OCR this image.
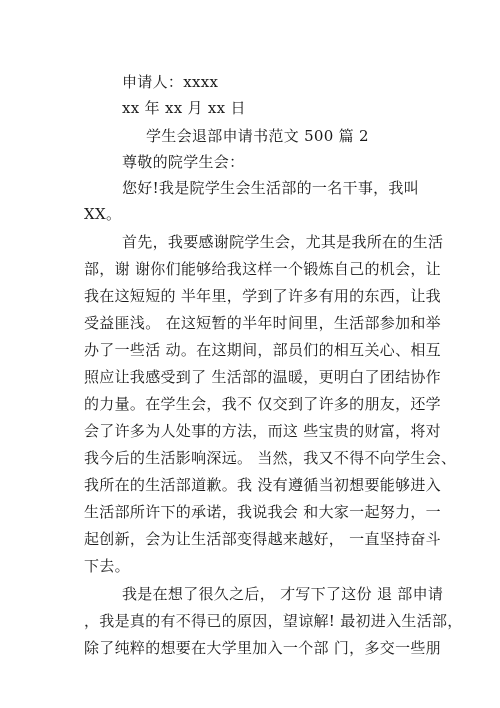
申请人：xxxx
xx 年 xx 月 xx 日
学生会退部申请书范文 500 篇 2
尊敬的院学生会：
您好!我是院学生会生活部的一名干事，我叫
XX。
首先，我要感谢院学生会，尤其是我所在的生活
部，谢 谢你们能够给我这样一个锻炼自己的机会，让
我在这短短的 半年里，学到了许多有用的东西，让我
受益匪浅。 在这短暂的半年时间里，生活部参加和举
办了一些活 动。在这期间，部员们的相互关心、相互
照应让我感受到了 生活部的温暖，更明白了团结协作
的力量。在学生会，我不 仅交到了许多的朋友，还学
会了许多为人处事的方法，而这 些宝贵的财富，将对
我今后的生活影响深远。 当然，我又不得不向学生会、
我所在的生活部道歉。我 没有遵循当初想要能够进入
生活部所许下的承诺，我说我会 和大家一起努力，一
起创新，会为让生活部变得越来越好， 一直坚持奋斗
下去。
我是在想了很久之后， 才写下了这份 退 部申请
，我是真的有不得已的原因，望谅解! 最初进入生活部，
除了纯粹的想要在大学里加入一个部 门，多交一些朋
